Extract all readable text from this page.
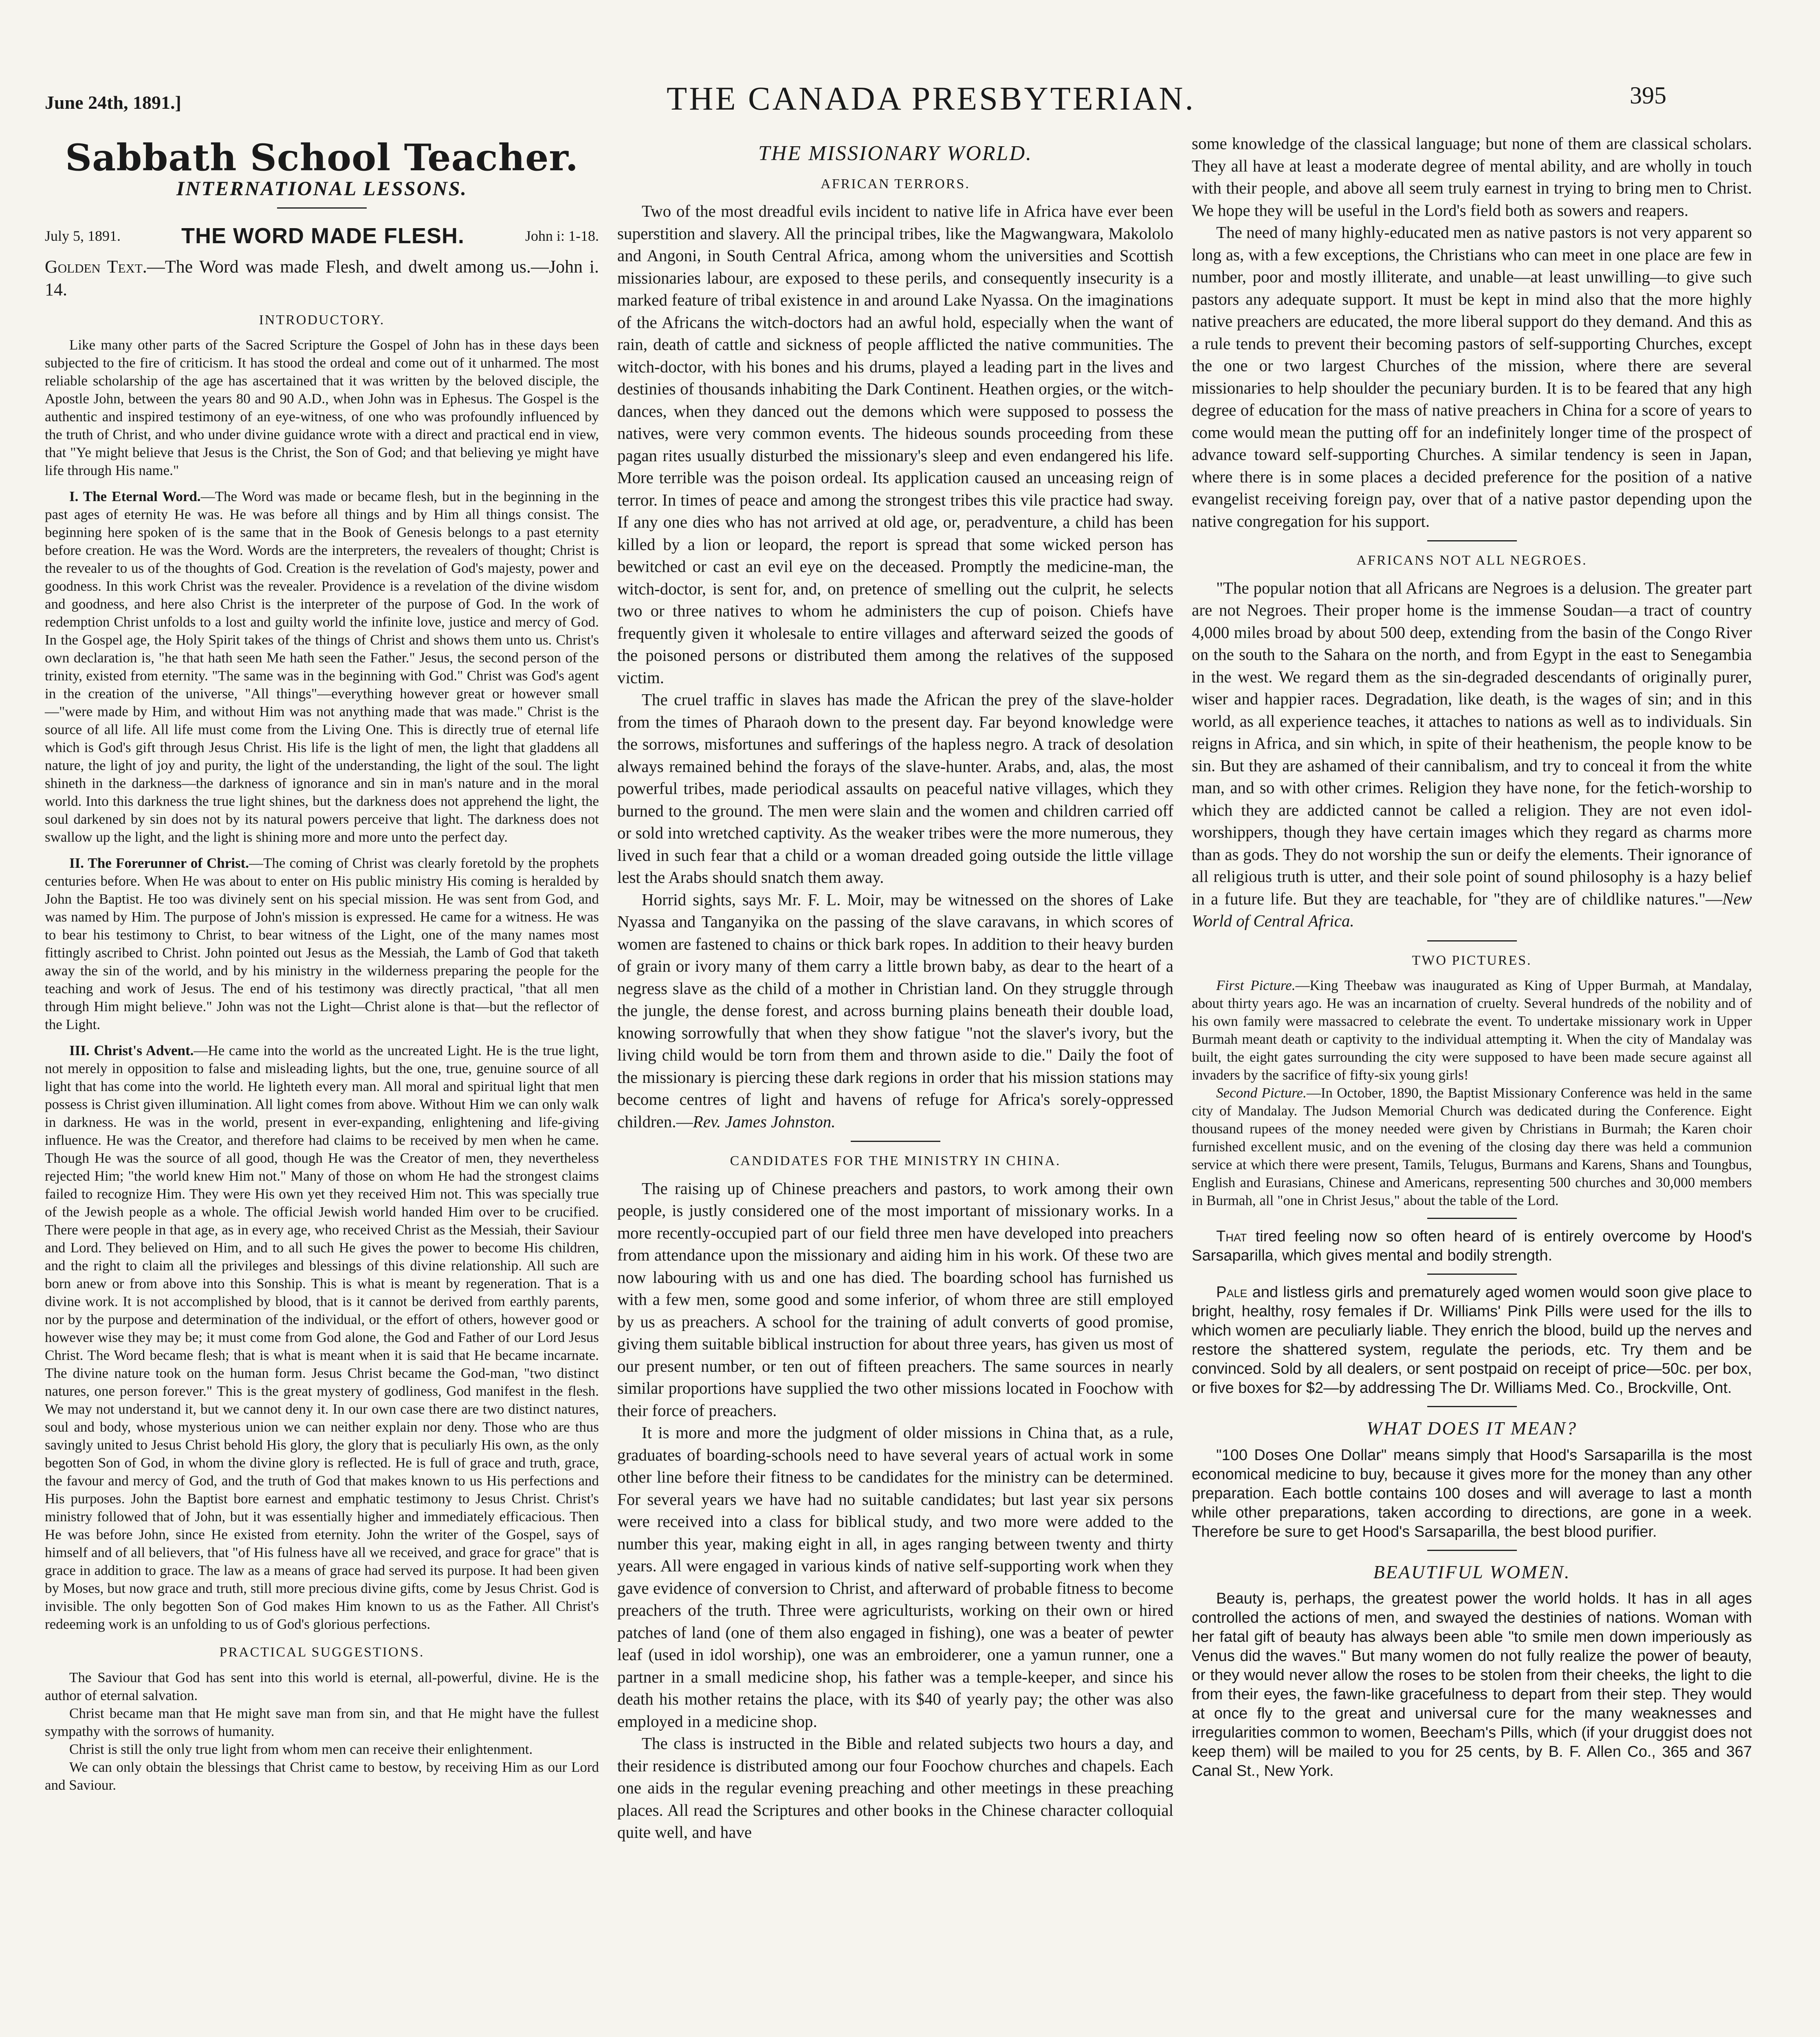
June 24th, 1891.]	THE CANADA PRESBYTERIAN.	395
Sabbath School Teacher.
INTERNATIONAL LESSONS.
July 5, 1891.	THE WORD MADE FLESH.	John i: 1-18.
Golden Text.—The Word was made Flesh, and dwelt among us.—John i. 14.
INTRODUCTORY.

Like many other parts of the Sacred Scripture the Gospel of John has in these days been subjected to the fire of criticism. It has stood the ordeal and come out of it unharmed. The most reliable scholarship of the age has ascertained that it was written by the beloved disciple, the Apostle John, between the years 80 and 90 A.D., when John was in Ephesus. The Gospel is the authentic and inspired testimony of an eye-witness, of one who was profoundly influenced by the truth of Christ, and who under divine guidance wrote with a direct and practical end in view, that "Ye might believe that Jesus is the Christ, the Son of God; and that believing ye might have life through His name."

I. The Eternal Word.—The Word was made or became flesh, but in the beginning in the past ages of eternity He was. He was before all things and by Him all things consist. The beginning here spoken of is the same that in the Book of Genesis belongs to a past eternity before creation. He was the Word. Words are the interpreters, the revealers of thought; Christ is the revealer to us of the thoughts of God. Creation is the revelation of God's majesty, power and goodness. In this work Christ was the revealer. Providence is a revelation of the divine wisdom and goodness, and here also Christ is the interpreter of the purpose of God. In the work of redemption Christ unfolds to a lost and guilty world the infinite love, justice and mercy of God. In the Gospel age, the Holy Spirit takes of the things of Christ and shows them unto us. Christ's own declaration is, "he that hath seen Me hath seen the Father." Jesus, the second person of the trinity, existed from eternity. "The same was in the beginning with God." Christ was God's agent in the creation of the universe, "All things"—everything however great or however small—"were made by Him, and without Him was not anything made that was made." Christ is the source of all life. All life must come from the Living One. This is directly true of eternal life which is God's gift through Jesus Christ. His life is the light of men, the light that gladdens all nature, the light of joy and purity, the light of the understanding, the light of the soul. The light shineth in the darkness—the darkness of ignorance and sin in man's nature and in the moral world. Into this darkness the true light shines, but the darkness does not apprehend the light, the soul darkened by sin does not by its natural powers perceive that light. The darkness does not swallow up the light, and the light is shining more and more unto the perfect day.

II. The Forerunner of Christ.—The coming of Christ was clearly foretold by the prophets centuries before. When He was about to enter on His public ministry His coming is heralded by John the Baptist. He too was divinely sent on his special mission. He was sent from God, and was named by Him. The purpose of John's mission is expressed. He came for a witness. He was to bear his testimony to Christ, to bear witness of the Light, one of the many names most fittingly ascribed to Christ. John pointed out Jesus as the Messiah, the Lamb of God that taketh away the sin of the world, and by his ministry in the wilderness preparing the people for the teaching and work of Jesus. The end of his testimony was directly practical, "that all men through Him might believe." John was not the Light—Christ alone is that—but the reflector of the Light.

III. Christ's Advent.—He came into the world as the uncreated Light. He is the true light, not merely in opposition to false and misleading lights, but the one, true, genuine source of all light that has come into the world. He lighteth every man. All moral and spiritual light that men possess is Christ given illumination. All light comes from above. Without Him we can only walk in darkness. He was in the world, present in ever-expanding, enlightening and life-giving influence. He was the Creator, and therefore had claims to be received by men when he came. Though He was the source of all good, though He was the Creator of men, they nevertheless rejected Him; "the world knew Him not." Many of those on whom He had the strongest claims failed to recognize Him. They were His own yet they received Him not. This was specially true of the Jewish people as a whole. The official Jewish world handed Him over to be crucified. There were people in that age, as in every age, who received Christ as the Messiah, their Saviour and Lord. They believed on Him, and to all such He gives the power to become His children, and the right to claim all the privileges and blessings of this divine relationship. All such are born anew or from above into this Sonship. This is what is meant by regeneration. That is a divine work. It is not accomplished by blood, that is it cannot be derived from earthly parents, nor by the purpose and determination of the individual, or the effort of others, however good or however wise they may be; it must come from God alone, the God and Father of our Lord Jesus Christ. The Word became flesh; that is what is meant when it is said that He became incarnate. The divine nature took on the human form. Jesus Christ became the God-man, "two distinct natures, one person forever." This is the great mystery of godliness, God manifest in the flesh. We may not understand it, but we cannot deny it. In our own case there are two distinct natures, soul and body, whose mysterious union we can neither explain nor deny. Those who are thus savingly united to Jesus Christ behold His glory, the glory that is peculiarly His own, as the only begotten Son of God, in whom the divine glory is reflected. He is full of grace and truth, grace, the favour and mercy of God, and the truth of God that makes known to us His perfections and His purposes. John the Baptist bore earnest and emphatic testimony to Jesus Christ. Christ's ministry followed that of John, but it was essentially higher and immediately efficacious. Then He was before John, since He existed from eternity. John the writer of the Gospel, says of himself and of all believers, that "of His fulness have all we received, and grace for grace" that is grace in addition to grace. The law as a means of grace had served its purpose. It had been given by Moses, but now grace and truth, still more precious divine gifts, come by Jesus Christ. God is invisible. The only begotten Son of God makes Him known to us as the Father. All Christ's redeeming work is an unfolding to us of God's glorious perfections.

PRACTICAL SUGGESTIONS.

The Saviour that God has sent into this world is eternal, all-powerful, divine. He is the author of eternal salvation.

Christ became man that He might save man from sin, and that He might have the fullest sympathy with the sorrows of humanity.

Christ is still the only true light from whom men can receive their enlightenment.

We can only obtain the blessings that Christ came to bestow, by receiving Him as our Lord and Saviour.

THE MISSIONARY WORLD.
AFRICAN TERRORS.

Two of the most dreadful evils incident to native life in Africa have ever been superstition and slavery. All the principal tribes, like the Magwangwara, Makololo and Angoni, in South Central Africa, among whom the universities and Scottish missionaries labour, are exposed to these perils, and consequently insecurity is a marked feature of tribal existence in and around Lake Nyassa. On the imaginations of the Africans the witch-doctors had an awful hold, especially when the want of rain, death of cattle and sickness of people afflicted the native communities. The witch-doctor, with his bones and his drums, played a leading part in the lives and destinies of thousands inhabiting the Dark Continent. Heathen orgies, or the witch-dances, when they danced out the demons which were supposed to possess the natives, were very common events. The hideous sounds proceeding from these pagan rites usually disturbed the missionary's sleep and even endangered his life. More terrible was the poison ordeal. Its application caused an unceasing reign of terror. In times of peace and among the strongest tribes this vile practice had sway. If any one dies who has not arrived at old age, or, peradventure, a child has been killed by a lion or leopard, the report is spread that some wicked person has bewitched or cast an evil eye on the deceased. Promptly the medicine-man, the witch-doctor, is sent for, and, on pretence of smelling out the culprit, he selects two or three natives to whom he administers the cup of poison. Chiefs have frequently given it wholesale to entire villages and afterward seized the goods of the poisoned persons or distributed them among the relatives of the supposed victim.

The cruel traffic in slaves has made the African the prey of the slave-holder from the times of Pharaoh down to the present day. Far beyond knowledge were the sorrows, misfortunes and sufferings of the hapless negro. A track of desolation always remained behind the forays of the slave-hunter. Arabs, and, alas, the most powerful tribes, made periodical assaults on peaceful native villages, which they burned to the ground. The men were slain and the women and children carried off or sold into wretched captivity. As the weaker tribes were the more numerous, they lived in such fear that a child or a woman dreaded going outside the little village lest the Arabs should snatch them away.

Horrid sights, says Mr. F. L. Moir, may be witnessed on the shores of Lake Nyassa and Tanganyika on the passing of the slave caravans, in which scores of women are fastened to chains or thick bark ropes. In addition to their heavy burden of grain or ivory many of them carry a little brown baby, as dear to the heart of a negress slave as the child of a mother in Christian land. On they struggle through the jungle, the dense forest, and across burning plains beneath their double load, knowing sorrowfully that when they show fatigue "not the slaver's ivory, but the living child would be torn from them and thrown aside to die." Daily the foot of the missionary is piercing these dark regions in order that his mission stations may become centres of light and havens of refuge for Africa's sorely-oppressed children.—Rev. James Johnston.

CANDIDATES FOR THE MINISTRY IN CHINA.

The raising up of Chinese preachers and pastors, to work among their own people, is justly considered one of the most important of missionary works. In a more recently-occupied part of our field three men have developed into preachers from attendance upon the missionary and aiding him in his work. Of these two are now labouring with us and one has died. The boarding school has furnished us with a few men, some good and some inferior, of whom three are still employed by us as preachers. A school for the training of adult converts of good promise, giving them suitable biblical instruction for about three years, has given us most of our present number, or ten out of fifteen preachers. The same sources in nearly similar proportions have supplied the two other missions located in Foochow with their force of preachers.

It is more and more the judgment of older missions in China that, as a rule, graduates of boarding-schools need to have several years of actual work in some other line before their fitness to be candidates for the ministry can be determined. For several years we have had no suitable candidates; but last year six persons were received into a class for biblical study, and two more were added to the number this year, making eight in all, in ages ranging between twenty and thirty years. All were engaged in various kinds of native self-supporting work when they gave evidence of conversion to Christ, and afterward of probable fitness to become preachers of the truth. Three were agriculturists, working on their own or hired patches of land (one of them also engaged in fishing), one was a beater of pewter leaf (used in idol worship), one was an embroiderer, one a yamun runner, one a partner in a small medicine shop, his father was a temple-keeper, and since his death his mother retains the place, with its $40 of yearly pay; the other was also employed in a medicine shop.

The class is instructed in the Bible and related subjects two hours a day, and their residence is distributed among our four Foochow churches and chapels. Each one aids in the regular evening preaching and other meetings in these preaching places. All read the Scriptures and other books in the Chinese character colloquial quite well, and have

some knowledge of the classical language; but none of them are classical scholars. They all have at least a moderate degree of mental ability, and are wholly in touch with their people, and above all seem truly earnest in trying to bring men to Christ. We hope they will be useful in the Lord's field both as sowers and reapers.

The need of many highly-educated men as native pastors is not very apparent so long as, with a few exceptions, the Christians who can meet in one place are few in number, poor and mostly illiterate, and unable—at least unwilling—to give such pastors any adequate support. It must be kept in mind also that the more highly native preachers are educated, the more liberal support do they demand. And this as a rule tends to prevent their becoming pastors of self-supporting Churches, except the one or two largest Churches of the mission, where there are several missionaries to help shoulder the pecuniary burden. It is to be feared that any high degree of education for the mass of native preachers in China for a score of years to come would mean the putting off for an indefinitely longer time of the prospect of advance toward self-supporting Churches. A similar tendency is seen in Japan, where there is in some places a decided preference for the position of a native evangelist receiving foreign pay, over that of a native pastor depending upon the native congregation for his support.

AFRICANS NOT ALL NEGROES.

"The popular notion that all Africans are Negroes is a delusion. The greater part are not Negroes. Their proper home is the immense Soudan—a tract of country 4,000 miles broad by about 500 deep, extending from the basin of the Congo River on the south to the Sahara on the north, and from Egypt in the east to Senegambia in the west. We regard them as the sin-degraded descendants of originally purer, wiser and happier races. Degradation, like death, is the wages of sin; and in this world, as all experience teaches, it attaches to nations as well as to individuals. Sin reigns in Africa, and sin which, in spite of their heathenism, the people know to be sin. But they are ashamed of their cannibalism, and try to conceal it from the white man, and so with other crimes. Religion they have none, for the fetich-worship to which they are addicted cannot be called a religion. They are not even idol-worshippers, though they have certain images which they regard as charms more than as gods. They do not worship the sun or deify the elements. Their ignorance of all religious truth is utter, and their sole point of sound philosophy is a hazy belief in a future life. But they are teachable, for "they are of childlike natures."—New World of Central Africa.

TWO PICTURES.

First Picture.—King Theebaw was inaugurated as King of Upper Burmah, at Mandalay, about thirty years ago. He was an incarnation of cruelty. Several hundreds of the nobility and of his own family were massacred to celebrate the event. To undertake missionary work in Upper Burmah meant death or captivity to the individual attempting it. When the city of Mandalay was built, the eight gates surrounding the city were supposed to have been made secure against all invaders by the sacrifice of fifty-six young girls!

Second Picture.—In October, 1890, the Baptist Missionary Conference was held in the same city of Mandalay. The Judson Memorial Church was dedicated during the Conference. Eight thousand rupees of the money needed were given by Christians in Burmah; the Karen choir furnished excellent music, and on the evening of the closing day there was held a communion service at which there were present, Tamils, Telugus, Burmans and Karens, Shans and Toungbus, English and Eurasians, Chinese and Americans, representing 500 churches and 30,000 members in Burmah, all "one in Christ Jesus," about the table of the Lord.

That tired feeling now so often heard of is entirely overcome by Hood's Sarsaparilla, which gives mental and bodily strength.

Pale and listless girls and prematurely aged women would soon give place to bright, healthy, rosy females if Dr. Williams' Pink Pills were used for the ills to which women are peculiarly liable. They enrich the blood, build up the nerves and restore the shattered system, regulate the periods, etc. Try them and be convinced. Sold by all dealers, or sent postpaid on receipt of price—50c. per box, or five boxes for $2—by addressing The Dr. Williams Med. Co., Brockville, Ont.

WHAT DOES IT MEAN?

"100 Doses One Dollar" means simply that Hood's Sarsaparilla is the most economical medicine to buy, because it gives more for the money than any other preparation. Each bottle contains 100 doses and will average to last a month while other preparations, taken according to directions, are gone in a week. Therefore be sure to get Hood's Sarsaparilla, the best blood purifier.

BEAUTIFUL WOMEN.

Beauty is, perhaps, the greatest power the world holds. It has in all ages controlled the actions of men, and swayed the destinies of nations. Woman with her fatal gift of beauty has always been able "to smile men down imperiously as Venus did the waves." But many women do not fully realize the power of beauty, or they would never allow the roses to be stolen from their cheeks, the light to die from their eyes, the fawn-like gracefulness to depart from their step. They would at once fly to the great and universal cure for the many weaknesses and irregularities common to women, Beecham's Pills, which (if your druggist does not keep them) will be mailed to you for 25 cents, by B. F. Allen Co., 365 and 367 Canal St., New York.
